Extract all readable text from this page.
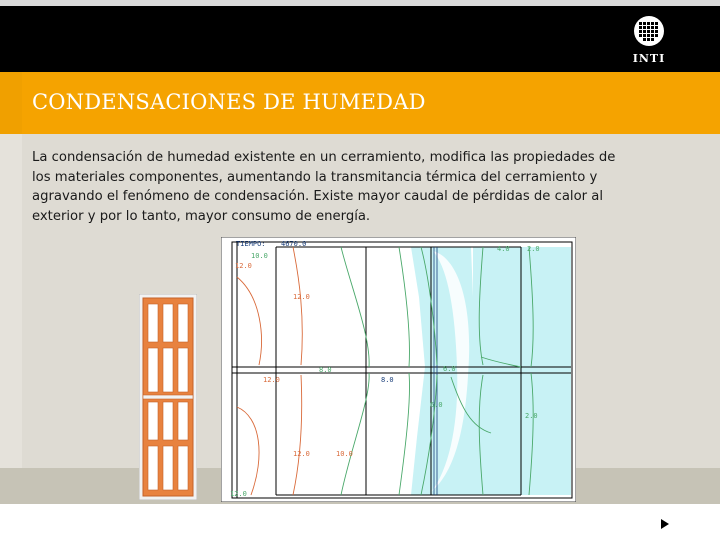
INTI
CONDENSACIONES DE HUMEDAD
La condensación de humedad existente en un cerramiento, modifica las propiedades de
los materiales componentes, aumentando la transmitancia térmica del cerramiento y
agravando el fenómeno de condensación. Existe mayor caudal de pérdidas de calor al
exterior y por lo tanto, mayor consumo de energía.
TIEMPO: 4670.0
10.0
12.0
12.0
12.0
8.0
8.0
6.0
6.0
4.0 2.0
2.0
12.0	10.0
12.0
